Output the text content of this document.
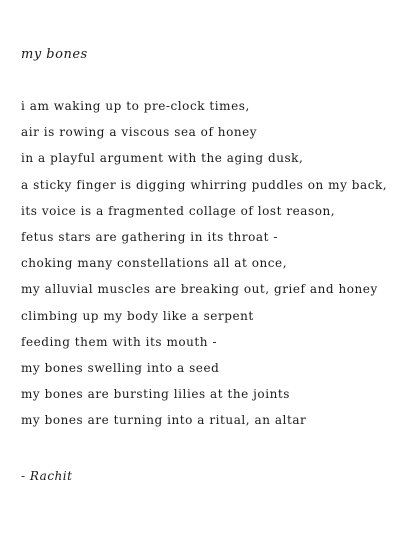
my bones

i am waking up to pre-clock times,
air is rowing a viscous sea of honey
in a playful argument with the aging dusk,
a sticky finger is digging whirring puddles on my back,
its voice is a fragmented collage of lost reason,
fetus stars are gathering in its throat -
choking many constellations all at once,
my alluvial muscles are breaking out, grief and honey
climbing up my body like a serpent
feeding them with its mouth -
my bones swelling into a seed
my bones are bursting lilies at the joints
my bones are turning into a ritual, an altar
- Rachit
